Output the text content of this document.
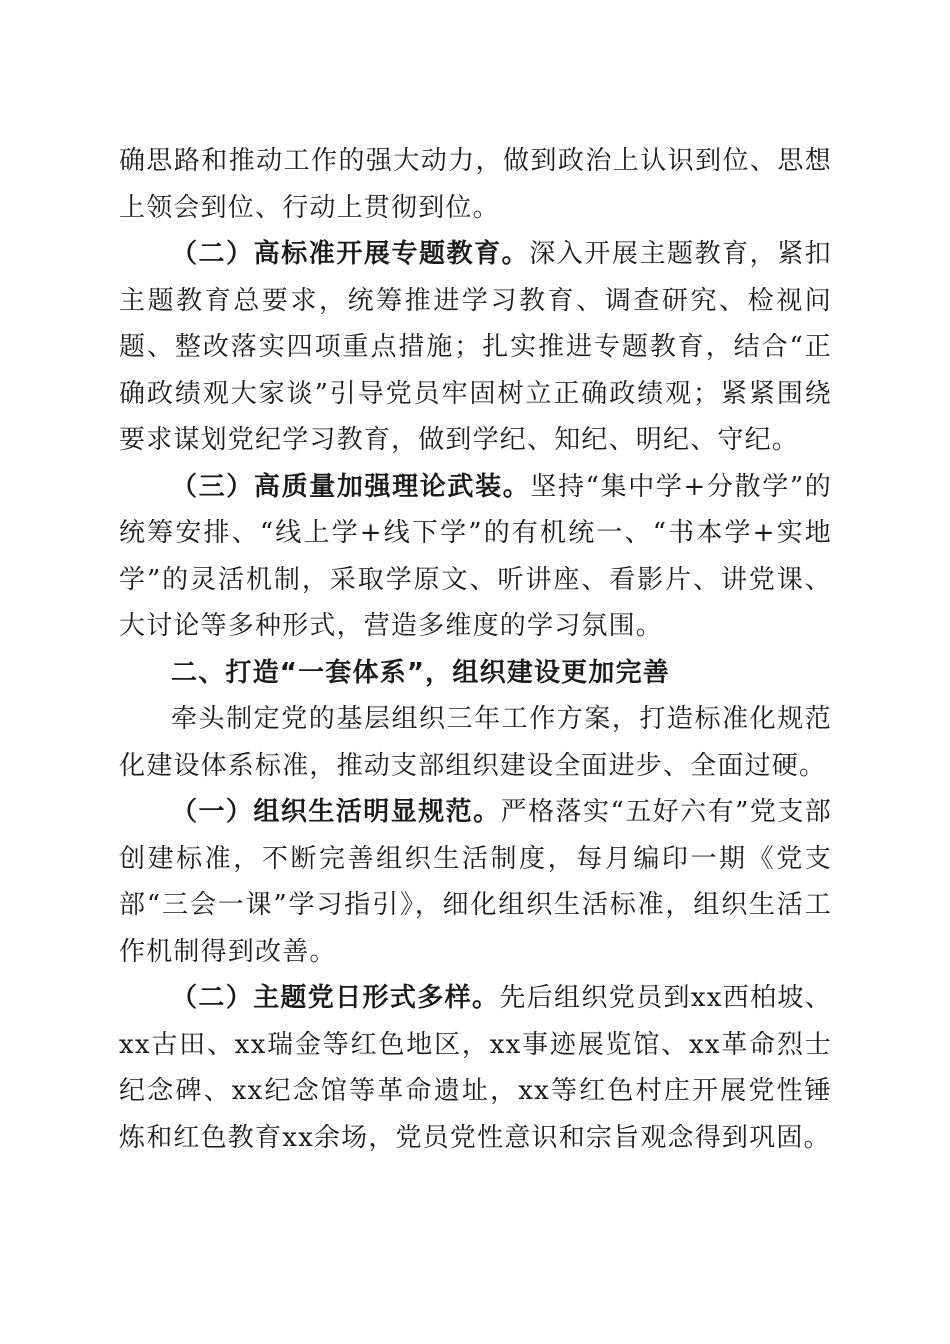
确思路和推动工作的强大动力，做到政治上认识到位、思想上领会到位、行动上贯彻到位。

（二）高标准开展专题教育。深入开展主题教育，紧扣主题教育总要求，统筹推进学习教育、调查研究、检视问题、整改落实四项重点措施；扎实推进专题教育，结合“正确政绩观大家谈”引导党员牢固树立正确政绩观；紧紧围绕要求谋划党纪学习教育，做到学纪、知纪、明纪、守纪。

（三）高质量加强理论武装。坚持“集中学+分散学”的统筹安排、“线上学+线下学”的有机统一、“书本学+实地学”的灵活机制，采取学原文、听讲座、看影片、讲党课、大讨论等多种形式，营造多维度的学习氛围。

二、打造“一套体系”，组织建设更加完善

牵头制定党的基层组织三年工作方案，打造标准化规范化建设体系标准，推动支部组织建设全面进步、全面过硬。

（一）组织生活明显规范。严格落实“五好六有”党支部创建标准，不断完善组织生活制度，每月编印一期《党支部“三会一课”学习指引》，细化组织生活标准，组织生活工作机制得到改善。

（二）主题党日形式多样。先后组织党员到xx西柏坡、xx古田、xx瑞金等红色地区，xx事迹展览馆、xx革命烈士纪念碑、xx纪念馆等革命遗址，xx等红色村庄开展党性锤炼和红色教育xx余场，党员党性意识和宗旨观念得到巩固。
